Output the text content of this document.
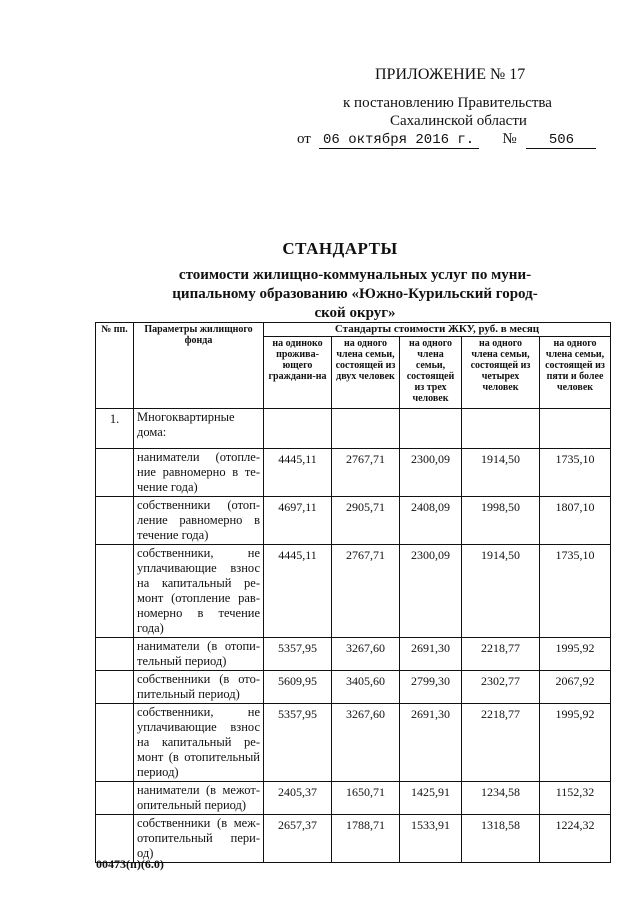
ПРИЛОЖЕНИЕ № 17
к постановлению Правительства
Сахалинской области
от 06 октября 2016 г. № 506
СТАНДАРТЫ
стоимости жилищно-коммунальных услуг по муни-
ципальному образованию «Южно-Курильский город-
ской округ»
№ пп.	Параметры жилищного фонда	Стандарты стоимости ЖКУ, руб. в месяц				
		на одиноко прожива-ющего граждани-на	на одного члена семьи, состоящей из двух человек	на одного члена семьи, состоящей из трех человек	на одного члена семьи, состоящей из четырех человек	на одного члена семьи, состоящей из пяти и более человек
1.	Многоквартирные дома:					
	наниматели (отопле-ние равномерно в те-чение года)	4445,11	2767,71	2300,09	1914,50	1735,10
	собственники (отоп-ление равномерно в течение года)	4697,11	2905,71	2408,09	1998,50	1807,10
	собственники, не уплачивающие взнос на капитальный ре-монт (отопление рав-номерно в течение года)	4445,11	2767,71	2300,09	1914,50	1735,10
	наниматели (в отопи-тельный период)	5357,95	3267,60	2691,30	2218,77	1995,92
	собственники (в ото-пительный период)	5609,95	3405,60	2799,30	2302,77	2067,92
	собственники, не уплачивающие взнос на капитальный ре-монт (в отопительный период)	5357,95	3267,60	2691,30	2218,77	1995,92
	наниматели (в межот-опительный период)	2405,37	1650,71	1425,91	1234,58	1152,32
	собственники (в меж-отопительный пери-од)	2657,37	1788,71	1533,91	1318,58	1224,32
00473(п)(6.0)
